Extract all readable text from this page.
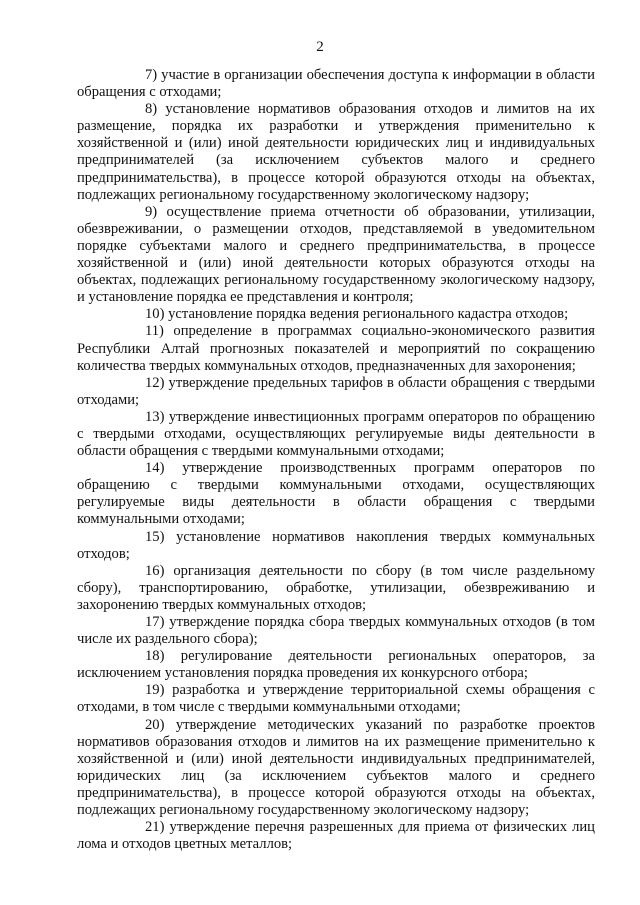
2

7) участие в организации обеспечения доступа к информации в области обращения с отходами;

8) установление нормативов образования отходов и лимитов на их размещение, порядка их разработки и утверждения применительно к хозяйственной и (или) иной деятельности юридических лиц и индивидуальных предпринимателей (за исключением субъектов малого и среднего предпринимательства), в процессе которой образуются отходы на объектах, подлежащих региональному государственному экологическому надзору;

9) осуществление приема отчетности об образовании, утилизации, обезвреживании, о размещении отходов, представляемой в уведомительном порядке субъектами малого и среднего предпринимательства, в процессе хозяйственной и (или) иной деятельности которых образуются отходы на объектах, подлежащих региональному государственному экологическому надзору, и установление порядка ее представления и контроля;

10) установление порядка ведения регионального кадастра отходов;

11) определение в программах социально-экономического развития Республики Алтай прогнозных показателей и мероприятий по сокращению количества твердых коммунальных отходов, предназначенных для захоронения;

12) утверждение предельных тарифов в области обращения с твердыми отходами;

13) утверждение инвестиционных программ операторов по обращению с твердыми отходами, осуществляющих регулируемые виды деятельности в области обращения с твердыми коммунальными отходами;

14) утверждение производственных программ операторов по обращению с твердыми коммунальными отходами, осуществляющих регулируемые виды деятельности в области обращения с твердыми коммунальными отходами;

15) установление нормативов накопления твердых коммунальных отходов;

16) организация деятельности по сбору (в том числе раздельному сбору), транспортированию, обработке, утилизации, обезвреживанию и захоронению твердых коммунальных отходов;

17) утверждение порядка сбора твердых коммунальных отходов (в том числе их раздельного сбора);

18) регулирование деятельности региональных операторов, за исключением установления порядка проведения их конкурсного отбора;

19) разработка и утверждение территориальной схемы обращения с отходами, в том числе с твердыми коммунальными отходами;

20) утверждение методических указаний по разработке проектов нормативов образования отходов и лимитов на их размещение применительно к хозяйственной и (или) иной деятельности индивидуальных предпринимателей, юридических лиц (за исключением субъектов малого и среднего предпринимательства), в процессе которой образуются отходы на объектах, подлежащих региональному государственному экологическому надзору;

21) утверждение перечня разрешенных для приема от физических лиц лома и отходов цветных металлов;
